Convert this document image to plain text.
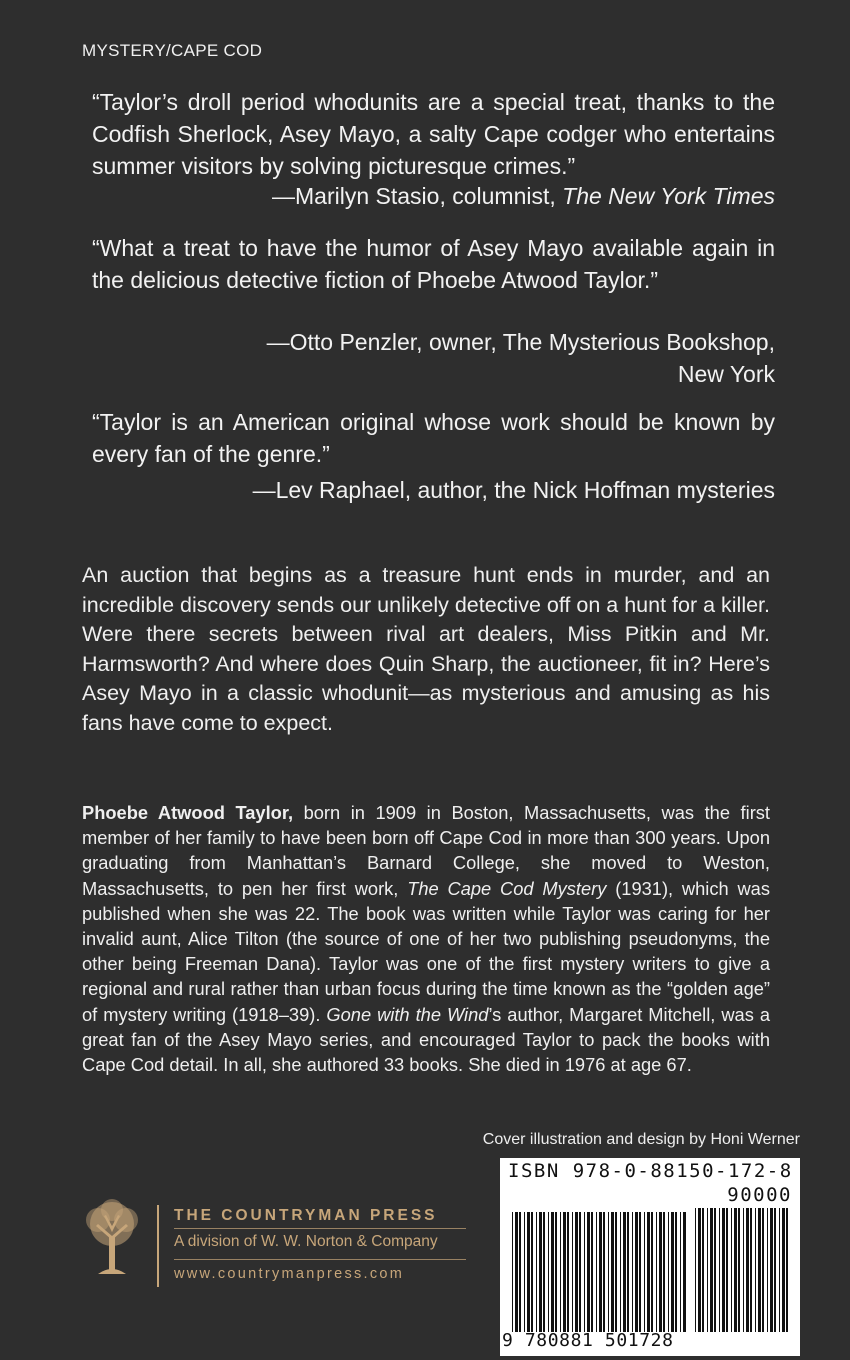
MYSTERY/CAPE COD
“Taylor’s droll period whodunits are a special treat, thanks to the Codfish Sherlock, Asey Mayo, a salty Cape codger who entertains summer visitors by solving picturesque crimes.”
—Marilyn Stasio, columnist, The New York Times
“What a treat to have the humor of Asey Mayo available again in the delicious detective fiction of Phoebe Atwood Taylor.”
—Otto Penzler, owner, The Mysterious Bookshop,
New York
“Taylor is an American original whose work should be known by every fan of the genre.”
—Lev Raphael, author, the Nick Hoffman mysteries
An auction that begins as a treasure hunt ends in murder, and an incredible discovery sends our unlikely detective off on a hunt for a killer. Were there secrets between rival art dealers, Miss Pitkin and Mr. Harmsworth? And where does Quin Sharp, the auctioneer, fit in? Here’s Asey Mayo in a classic whodunit—as mysterious and amusing as his fans have come to expect.
Phoebe Atwood Taylor, born in 1909 in Boston, Massachusetts, was the first member of her family to have been born off Cape Cod in more than 300 years. Upon graduating from Manhattan’s Barnard College, she moved to Weston, Massachusetts, to pen her first work, The Cape Cod Mystery (1931), which was published when she was 22. The book was written while Taylor was caring for her invalid aunt, Alice Tilton (the source of one of her two publishing pseudonyms, the other being Freeman Dana). Taylor was one of the first mystery writers to give a regional and rural rather than urban focus during the time known as the “golden age” of mystery writing (1918–39). Gone with the Wind’s author, Margaret Mitchell, was a great fan of the Asey Mayo series, and encouraged Taylor to pack the books with Cape Cod detail. In all, she authored 33 books. She died in 1976 at age 67.
Cover illustration and design by Honi Werner
THE COUNTRYMAN PRESS
A division of W. W. Norton & Company
www.countrymanpress.com
ISBN 978-0-88150-172-8
90000
9 780881 501728
